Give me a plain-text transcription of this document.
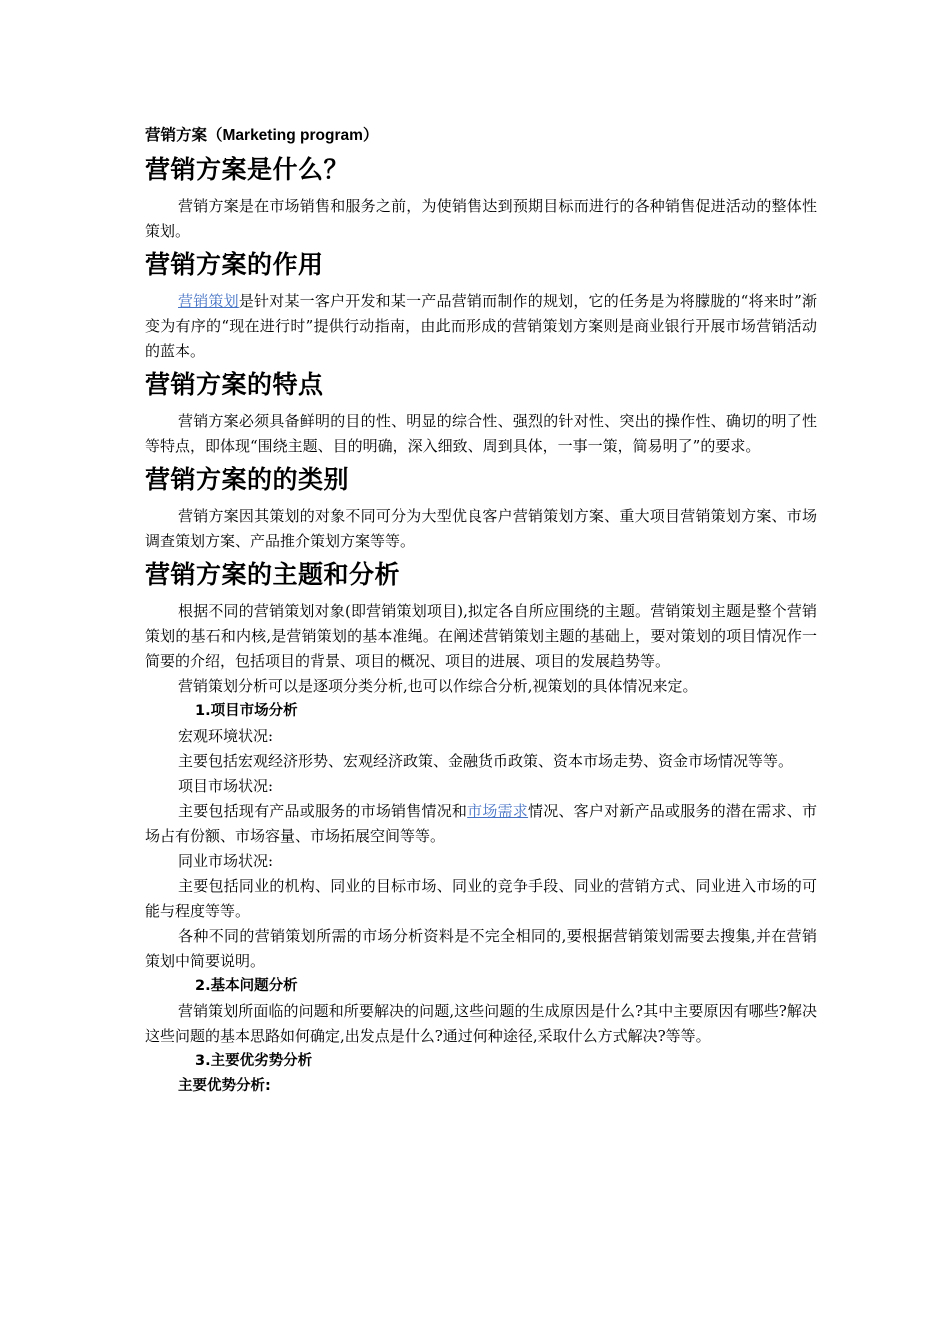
营销方案（Marketing program）
营销方案是什么？

营销方案是在市场销售和服务之前，为使销售达到预期目标而进行的各种销售促进活动的整体性策划。

营销方案的作用

营销策划是针对某一客户开发和某一产品营销而制作的规划，它的任务是为将朦胧的“将来时”渐变为有序的“现在进行时”提供行动指南，由此而形成的营销策划方案则是商业银行开展市场营销活动的蓝本。

营销方案的特点

营销方案必须具备鲜明的目的性、明显的综合性、强烈的针对性、突出的操作性、确切的明了性等特点，即体现“围绕主题、目的明确，深入细致、周到具体，一事一策，简易明了”的要求。

营销方案的的类别

营销方案因其策划的对象不同可分为大型优良客户营销策划方案、重大项目营销策划方案、市场调查策划方案、产品推介策划方案等等。

营销方案的主题和分析

根据不同的营销策划对象(即营销策划项目),拟定各自所应围绕的主题。营销策划主题是整个营销策划的基石和内核,是营销策划的基本准绳。在阐述营销策划主题的基础上，要对策划的项目情况作一简要的介绍，包括项目的背景、项目的概况、项目的进展、项目的发展趋势等。

营销策划分析可以是逐项分类分析,也可以作综合分析,视策划的具体情况来定。

1.项目市场分析
宏观环境状况:

主要包括宏观经济形势、宏观经济政策、金融货币政策、资本市场走势、资金市场情况等等。

项目市场状况:

主要包括现有产品或服务的市场销售情况和市场需求情况、客户对新产品或服务的潜在需求、市场占有份额、市场容量、市场拓展空间等等。

同业市场状况:

主要包括同业的机构、同业的目标市场、同业的竞争手段、同业的营销方式、同业进入市场的可能与程度等等。

各种不同的营销策划所需的市场分析资料是不完全相同的,要根据营销策划需要去搜集,并在营销策划中简要说明。

2.基本问题分析

营销策划所面临的问题和所要解决的问题,这些问题的生成原因是什么?其中主要原因有哪些?解决这些问题的基本思路如何确定,出发点是什么?通过何种途径,采取什么方式解决?等等。

3.主要优劣势分析
主要优势分析:
